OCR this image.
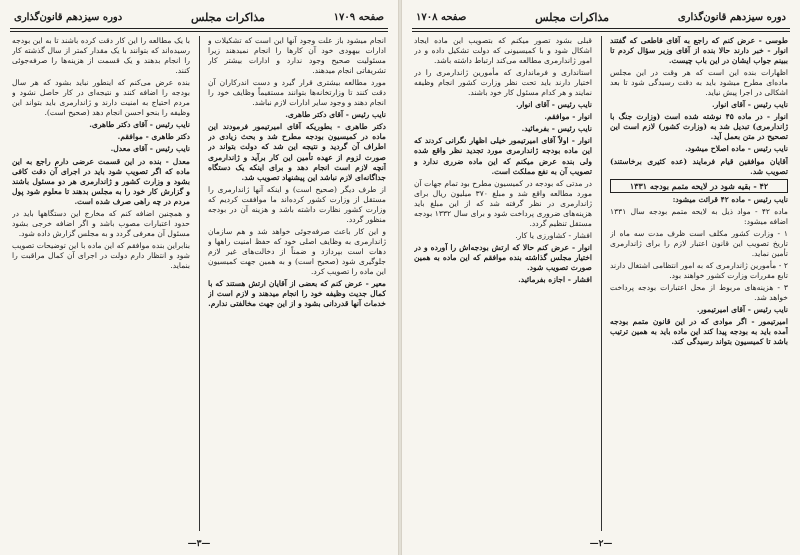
صفحه ۱۷۰۹
مذاکرات مجلس
دوره سیزدهم قانون‌گذاری

انجام میشود باز علت وجود آنها این است که تشکیلات و ادارات بیهودی خود آن کارها را انجام نمیدهند زیرا مسئولیت صحیح وجود ندارد و ادارات بیشتر کار تشریفاتی انجام میدهند.

مورد مطالعه بیشتری قرار گیرد و دست اندرکاران آن دقت کنند تا وزارتخانه‌ها بتوانند مستقیماً وظایف خود را انجام دهند و وجود سایر ادارات لازم نباشد.

نایب رئیس - آقای دکتر طاهری.

دکتر طاهری - بطوریکه آقای امیرتیمور فرمودند این ماده در کمیسیون بودجه مطرح شد و بحث زیادی در اطراف آن گردید و نتیجه این شد که دولت بتواند در صورت لزوم از عهده تأمین این کار برآید و ژاندارمری آنچه لازم است انجام دهد و برای اینکه یک دستگاه جداگانه‌ای لازم نباشد این پیشنهاد تصویب شد.

از طرف دیگر (صحیح است) و اینکه آنها ژاندارمری را مستقل از وزارت کشور کرده‌اند ما موافقت کردیم که وزارت کشور نظارت داشته باشد و هزینه آن در بودجه منظور گردد.

و این کار باعث صرفه‌جوئی خواهد شد و هم سازمان ژاندارمری به وظایف اصلی خود که حفظ امنیت راهها و دهات است بپردازد و ضمناً از دخالت‌های غیر لازم جلوگیری شود (صحیح است) و به همین جهت کمیسیون این ماده را تصویب کرد.

معیر - عرض کنم که بعضی از آقایان ارتش هستند که با کمال جدیت وظیفه خود را انجام میدهند و لازم است از خدمات آنها قدردانی بشود و از این جهت مخالفتی ندارم.

با یک مطالعه را این کار دقت کرده باشند تا به این بودجه رسیده‌اند که بتوانند با یک مقدار کمتر از سال گذشته کار را انجام بدهند و یک قسمت از هزینه‌ها را صرفه‌جوئی کنند.

بنده عرض می‌کنم که اینطور نباید بشود که هر سال بودجه را اضافه کنند و نتیجه‌ای در کار حاصل نشود و مردم احتیاج به امنیت دارند و ژاندارمری باید بتواند این وظیفه را بنحو احسن انجام دهد (صحیح است).

نایب رئیس - آقای دکتر طاهری.

دکتر طاهری - موافقم.

نایب رئیس - آقای معدل.

معدل - بنده در این قسمت عرضی دارم راجع به این ماده که اگر تصویب شود باید در اجرای آن دقت کافی بشود و وزارت کشور و ژاندارمری هر دو مسئول باشند و گزارش کار خود را به مجلس بدهند تا معلوم شود پول مردم در چه راهی صرف شده است.

و همچنین اضافه کنم که مخارج این دستگاهها باید در حدود اعتبارات مصوب باشد و اگر اضافه خرجی بشود مسئول آن معرفی گردد و به مجلس گزارش داده شود.

بنابراین بنده موافقم که این ماده با این توضیحات تصویب شود و انتظار دارم دولت در اجرای آن کمال مراقبت را بنماید.

—۳—
دوره سیزدهم قانون‌گذاری
مذاکرات مجلس
صفحه ۱۷۰۸

قبلی بشود تصور میکنم که بتصویب این ماده ایجاد اشکال شود و با کمیسیونی که دولت تشکیل داده و در امور ژاندارمری مطالعه می‌کند ارتباط داشته باشد.

استانداری و فرمانداری که مأمورین ژاندارمری را در اختیار دارند باید تحت نظر وزارت کشور انجام وظیفه نمایند و هر کدام مسئول کار خود باشند.

نایب رئیس - آقای انوار.

انوار - موافقم.

نایب رئیس - بفرمائید.

انوار - اولاً آقای امیرتیمور خیلی اظهار نگرانی کردند که این ماده بودجه ژاندارمری مورد تجدید نظر واقع شده ولی بنده عرض میکنم که این ماده ضرری ندارد و تصویب آن به نفع مملکت است.

در مدتی که بودجه در کمیسیون مطرح بود تمام جهات آن مورد مطالعه واقع شد و مبلغ ۳۷۰ میلیون ریال برای ژاندارمری در نظر گرفته شد که از این مبلغ باید هزینه‌های ضروری پرداخت شود و برای سال ۱۳۳۲ بودجه مستقل تنظیم گردد.

افشار - کشاورزی یا کار.

انوار - عرض کنم حالا که ارتش بودجه‌اش را آورده و در اختیار مجلس گذاشته بنده موافقم که این ماده به همین صورت تصویب شود.

افشار - اجازه بفرمائید.

طوسی - عرض کنم که راجع به آقای قاطعی که گفتند انوار - خبر دارند حالا بنده از آقای وزیر سؤال کردم تا ببینم جواب ایشان در این باب چیست.

اظهارات بنده این است که هر وقت در این مجلس ماده‌ای مطرح میشود باید به دقت رسیدگی شود تا بعد اشکالی در اجرا پیش نیاید.

نایب رئیس - آقای انوار.

انوار - در ماده ۴۵ نوشته شده است (وزارت جنگ با ژاندارمری) تبدیل شد به (وزارت کشور) لازم است این تصحیح در متن بعمل آید.

نایب رئیس - ماده اصلاح میشود.

آقایان موافقین قیام فرمایند (عده کثیری برخاستند) تصویب شد.

۴۲ - بقیه شود در لایحه متمم بودجه ۱۳۳۱

نایب رئیس - ماده ۴۲ قرائت میشود:

ماده ۴۲ - مواد ذیل به لایحه متمم بودجه سال ۱۳۳۱ اضافه میشود:

۱ - وزارت کشور مکلف است ظرف مدت سه ماه از تاریخ تصویب این قانون اعتبار لازم را برای ژاندارمری تأمین نماید.

۲ - مأمورین ژاندارمری که به امور انتظامی اشتغال دارند تابع مقررات وزارت کشور خواهند بود.

۳ - هزینه‌های مربوط از محل اعتبارات بودجه پرداخت خواهد شد.

نایب رئیس - آقای امیرتیمور.

امیرتیمور - اگر موادی که در این قانون متمم بودجه آمده باید به بودجه پیدا کند این ماده باید به همین ترتیب باشد تا کمیسیون بتواند رسیدگی کند.

—۲—
